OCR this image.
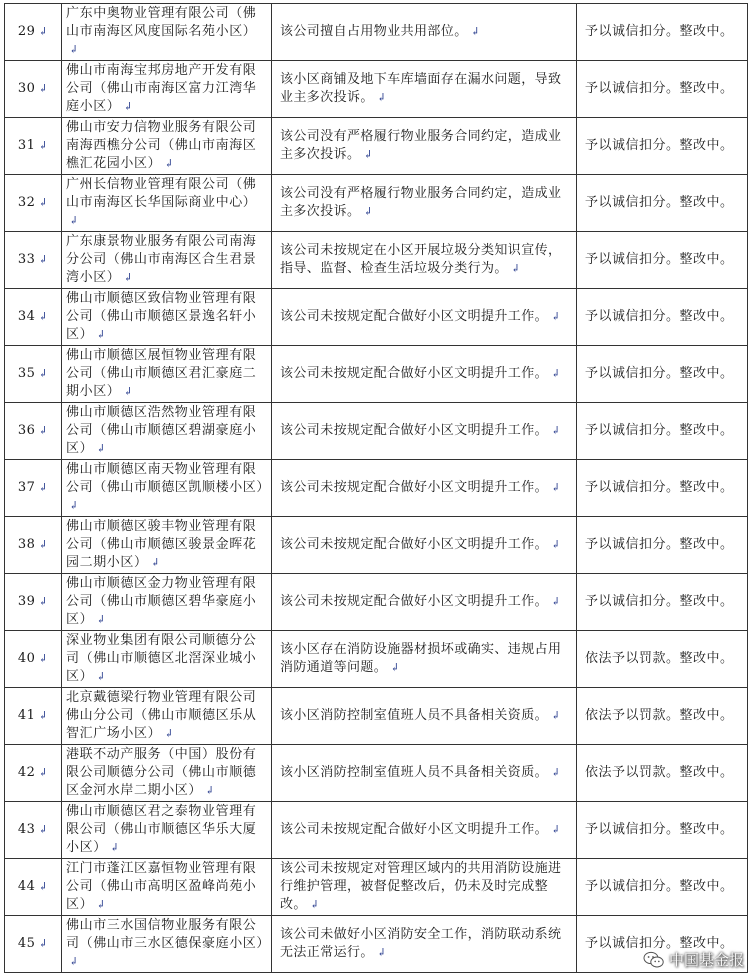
29 ↲	广东中奥物业管理有限公司（佛山市南海区风度国际名苑小区）↲	该公司擅自占用物业共用部位。 ↲	予以诚信扣分。整改中。
30 ↲	佛山市南海宝邦房地产开发有限公司（佛山市南海区富力江湾华庭小区） ↲	该小区商铺及地下车库墙面存在漏水问题，导致业主多次投诉。 ↲	予以诚信扣分。整改中。
31 ↲	佛山市安力信物业服务有限公司南海西樵分公司（佛山市南海区樵汇花园小区） ↲	该公司没有严格履行物业服务合同约定，造成业主多次投诉。 ↲	予以诚信扣分。整改中。
32 ↲	广州长信物业管理有限公司（佛山市南海区长华国际商业中心）↲	该公司没有严格履行物业服务合同约定，造成业主多次投诉。 ↲	予以诚信扣分。整改中。
33 ↲	广东康景物业服务有限公司南海分公司（佛山市南海区合生君景湾小区） ↲	该公司未按规定在小区开展垃圾分类知识宣传，指导、监督、检查生活垃圾分类行为。 ↲	予以诚信扣分。整改中。
34 ↲	佛山市顺德区致信物业管理有限公司（佛山市顺德区景逸名轩小区） ↲	该公司未按规定配合做好小区文明提升工作。 ↲	予以诚信扣分。整改中。
35 ↲	佛山市顺德区展恒物业管理有限公司（佛山市顺德区君汇豪庭二期小区） ↲	该公司未按规定配合做好小区文明提升工作。 ↲	予以诚信扣分。整改中。
36 ↲	佛山市顺德区浩然物业管理有限公司（佛山市顺德区碧湖豪庭小区） ↲	该公司未按规定配合做好小区文明提升工作。 ↲	予以诚信扣分。整改中。
37 ↲	佛山市顺德区南天物业管理有限公司（佛山市顺德区凯顺楼小区）↲	该公司未按规定配合做好小区文明提升工作。 ↲	予以诚信扣分。整改中。
38 ↲	佛山市顺德区骏丰物业管理有限公司（佛山市顺德区骏景金晖花园二期小区） ↲	该公司未按规定配合做好小区文明提升工作。 ↲	予以诚信扣分。整改中。
39 ↲	佛山市顺德区金力物业管理有限公司（佛山市顺德区碧华豪庭小区） ↲	该公司未按规定配合做好小区文明提升工作。 ↲	予以诚信扣分。整改中。
40 ↲	深业物业集团有限公司顺德分公司（佛山市顺德区北滘深业城小区） ↲	该小区存在消防设施器材损坏或确实、违规占用消防通道等问题。 ↲	依法予以罚款。整改中。
41 ↲	北京戴德梁行物业管理有限公司佛山分公司（佛山市顺德区乐从智汇广场小区） ↲	该小区消防控制室值班人员不具备相关资质。 ↲	依法予以罚款。整改中。
42 ↲	港联不动产服务（中国）股份有限公司顺德分公司（佛山市顺德区金河水岸二期小区） ↲	该小区消防控制室值班人员不具备相关资质。 ↲	依法予以罚款。整改中。
43 ↲	佛山市顺德区君之泰物业管理有限公司（佛山市顺德区华乐大厦小区） ↲	该公司未按规定配合做好小区文明提升工作。 ↲	予以诚信扣分。整改中。
44 ↲	江门市蓬江区嘉恒物业管理有限公司（佛山市高明区盈峰尚苑小区） ↲	该公司未按规定对管理区域内的共用消防设施进行维护管理，被督促整改后，仍未及时完成整改。 ↲	予以诚信扣分。整改中。
45 ↲	佛山市三水国信物业服务有限公司（佛山市三水区德保豪庭小区）↲	该公司未做好小区消防安全工作，消防联动系统无法正常运行。 ↲	予以诚信扣分。整改中。
中国基金报
